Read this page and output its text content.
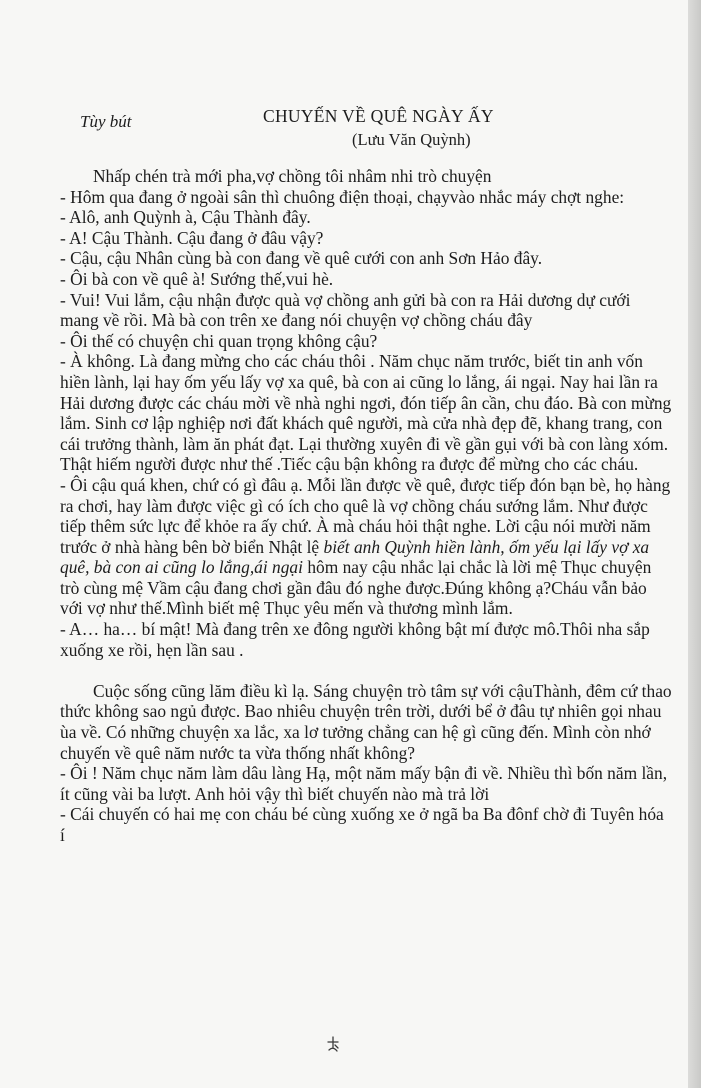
Tùy bút	CHUYẾN VỀ QUÊ NGÀY ẤY
(Lưu Văn Quỳnh)

Nhấp chén trà mới pha,vợ chồng tôi nhâm nhi trò chuyện

- Hôm qua đang ở ngoài sân thì chuông điện thoại, chạyvào nhắc máy chợt nghe:

- Alô, anh Quỳnh à, Cậu Thành đây.

- A! Cậu Thành. Cậu đang ở đâu vậy?

- Cậu, cậu Nhân cùng bà con đang về quê cưới con anh Sơn Hảo đây.

- Ôi bà con về quê à! Sướng thế,vui hè.

- Vui! Vui lắm, cậu nhận được quà vợ chồng anh gửi bà con ra Hải dương dự cưới mang về rồi. Mà bà con trên xe đang nói chuyện vợ chồng cháu đây

- Ôi thế có chuyện chi quan trọng không cậu?

- À không. Là đang mừng cho các cháu thôi . Năm chục năm trước, biết tin anh vốn hiền lành, lại hay ốm yếu lấy vợ xa quê, bà con ai cũng lo lắng, ái ngại. Nay hai lần ra Hải dương được các cháu mời về nhà nghi ngơi, đón tiếp ân cần, chu đáo. Bà con mừng lắm. Sinh cơ lập nghiệp nơi đất khách quê người, mà cửa nhà đẹp đẽ, khang trang, con cái trưởng thành, làm ăn phát đạt. Lại thường xuyên đi về gần gụi với bà con làng xóm. Thật hiếm người được như thế .Tiếc cậu bận không ra được để mừng cho các cháu.

- Ôi cậu quá khen, chứ có gì đâu ạ. Mỗi lần được về quê, được tiếp đón bạn bè, họ hàng ra chơi, hay làm được việc gì có ích cho quê là vợ chồng cháu sướng lắm. Như được tiếp thêm sức lực để khỏe ra ấy chứ. À mà cháu hỏi thật nghe. Lời cậu nói mười năm trước ở nhà hàng bên bờ biển Nhật lệ biết anh Quỳnh hiền lành, ốm yếu lại lấy vợ xa quê, bà con ai cũng lo lắng,ái ngại hôm nay cậu nhắc lại chắc là lời mệ Thục chuyện trò cùng mệ Vầm cậu đang chơi gần đâu đó nghe được.Đúng không ạ?Cháu vẫn bảo với vợ như thế.Mình biết mệ Thục yêu mến và thương mình lắm.

- A… ha… bí mật! Mà đang trên xe đông người không bật mí được mô.Thôi nha sắp xuống xe rồi, hẹn lần sau .

Cuộc sống cũng lăm điều kì lạ. Sáng chuyện trò tâm sự với cậuThành, đêm cứ thao thức không sao ngủ được. Bao nhiêu chuyện trên trời, dưới bể ở đâu tự nhiên gọi nhau ùa về. Có những chuyện xa lắc, xa lơ tưởng chẳng can hệ gì cũng đến. Mình còn nhớ chuyến về quê năm nước ta vừa thống nhất không?

- Ôi ! Năm chục năm làm dâu làng Hạ, một năm mấy bận đi về. Nhiều thì bốn năm lần, ít cũng vài ba lượt. Anh hỏi vậy thì biết chuyến nào mà trả lời

- Cái chuyến có hai mẹ con cháu bé cùng xuống xe ở ngã ba Ba đônf chờ đi Tuyên hóa í
